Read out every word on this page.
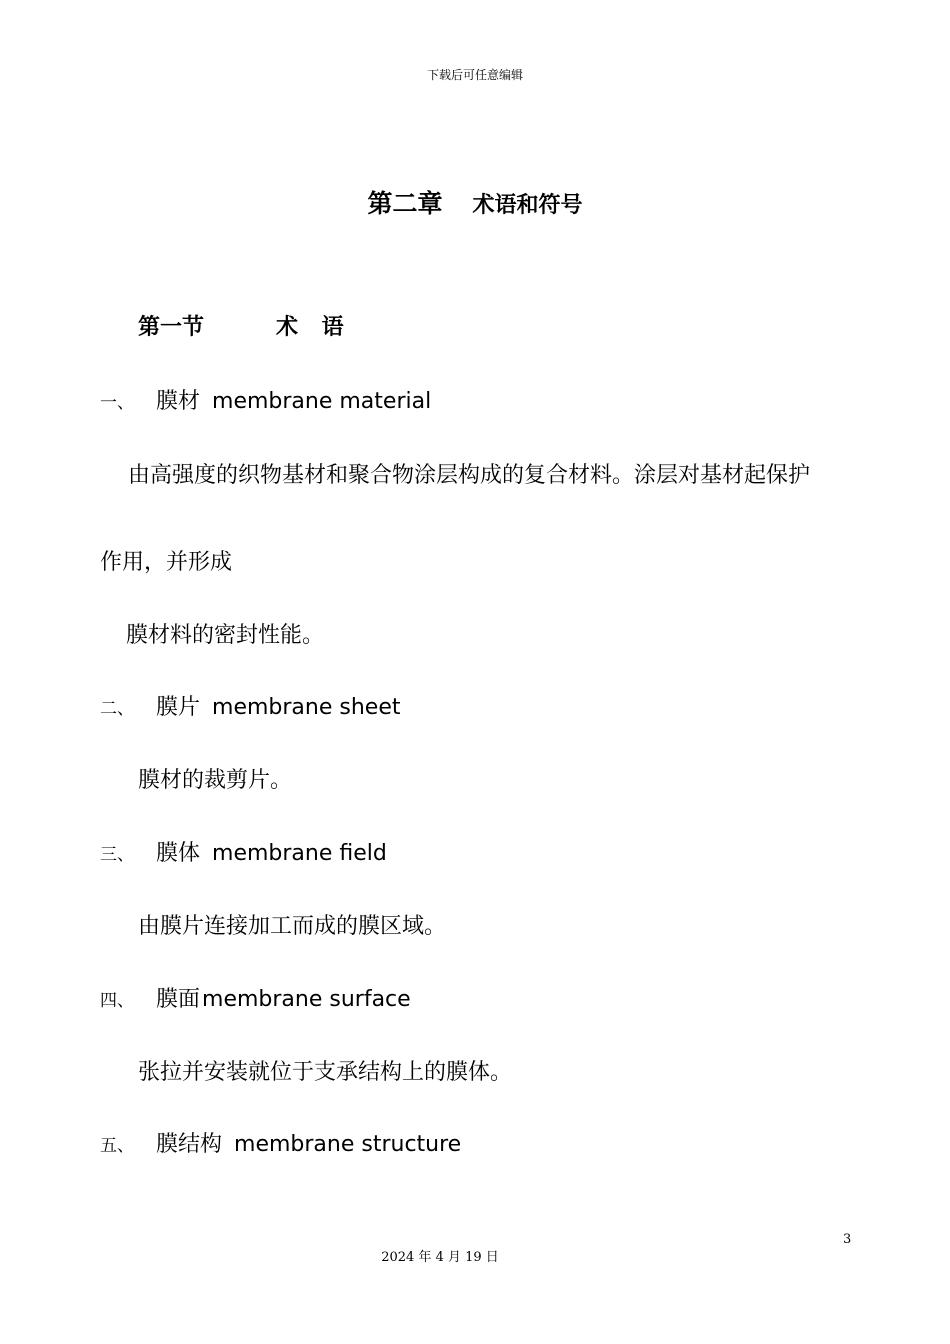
下载后可任意编辑
第二章 术语和符号
第一节	术 语
一、 膜材 membrane material
由高强度的织物基材和聚合物涂层构成的复合材料。涂层对基材起保护
作用，并形成
膜材料的密封性能。
二、 膜片 membrane sheet
膜材的裁剪片。
三、 膜体 membrane field
由膜片连接加工而成的膜区域。
四、 膜面membrane surface
张拉并安装就位于支承结构上的膜体。
五、 膜结构 membrane structure
3
2024 年 4 月 19 日
